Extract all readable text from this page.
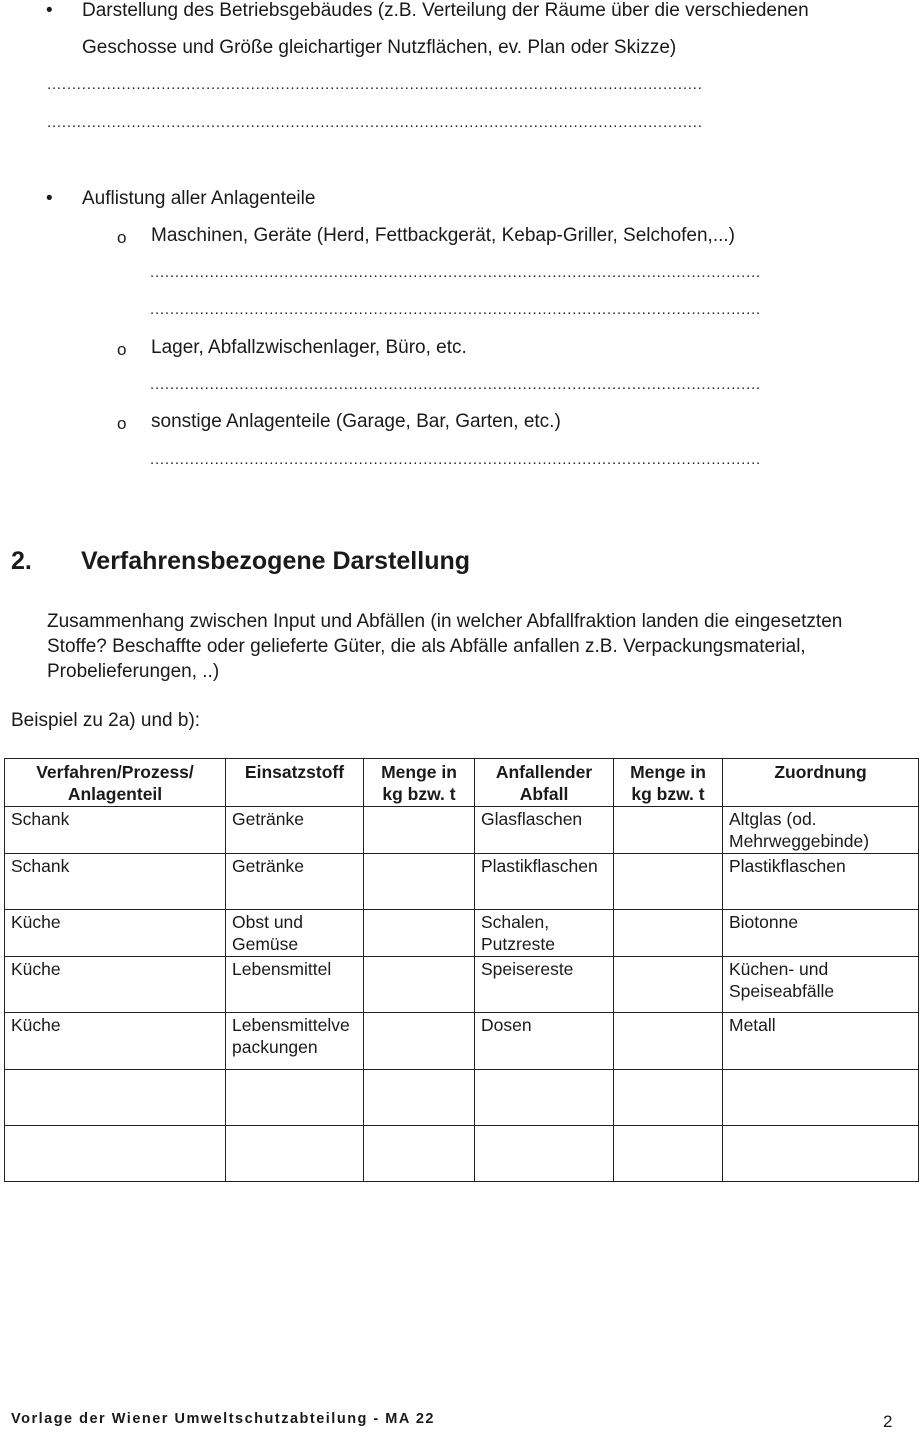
• Darstellung des Betriebsgebäudes (z.B. Verteilung der Räume über die verschiedenen
Geschosse und Größe gleichartiger Nutzflächen, ev. Plan oder Skizze)
....................................................................................................................................
....................................................................................................................................
• Auflistung aller Anlagenteile
o Maschinen, Geräte (Herd, Fettbackgerät, Kebap-Griller, Selchofen,...)
...........................................................................................................................
...........................................................................................................................
o Lager, Abfallzwischenlager, Büro, etc.
...........................................................................................................................
o sonstige Anlagenteile (Garage, Bar, Garten, etc.)
...........................................................................................................................
2. Verfahrensbezogene Darstellung
Zusammenhang zwischen Input und Abfällen (in welcher Abfallfraktion landen die eingesetzten Stoffe? Beschaffte oder gelieferte Güter, die als Abfälle anfallen z.B. Verpackungsmaterial, Probelieferungen, ..)
Beispiel zu 2a) und b):
Verfahren/Prozess/ Anlagenteil	Einsatzstoff	Menge in kg bzw. t	Anfallender Abfall	Menge in kg bzw. t	Zuordnung
Schank	Getränke		Glasflaschen		Altglas (od. Mehrweggebinde)
Schank	Getränke		Plastikflaschen		Plastikflaschen
Küche	Obst und Gemüse		Schalen, Putzreste		Biotonne
Küche	Lebensmittel		Speisereste		Küchen- und Speiseabfälle
Küche	Lebensmittelve packungen		Dosen		Metall

Vorlage der Wiener Umweltschutzabteilung - MA 22	2
